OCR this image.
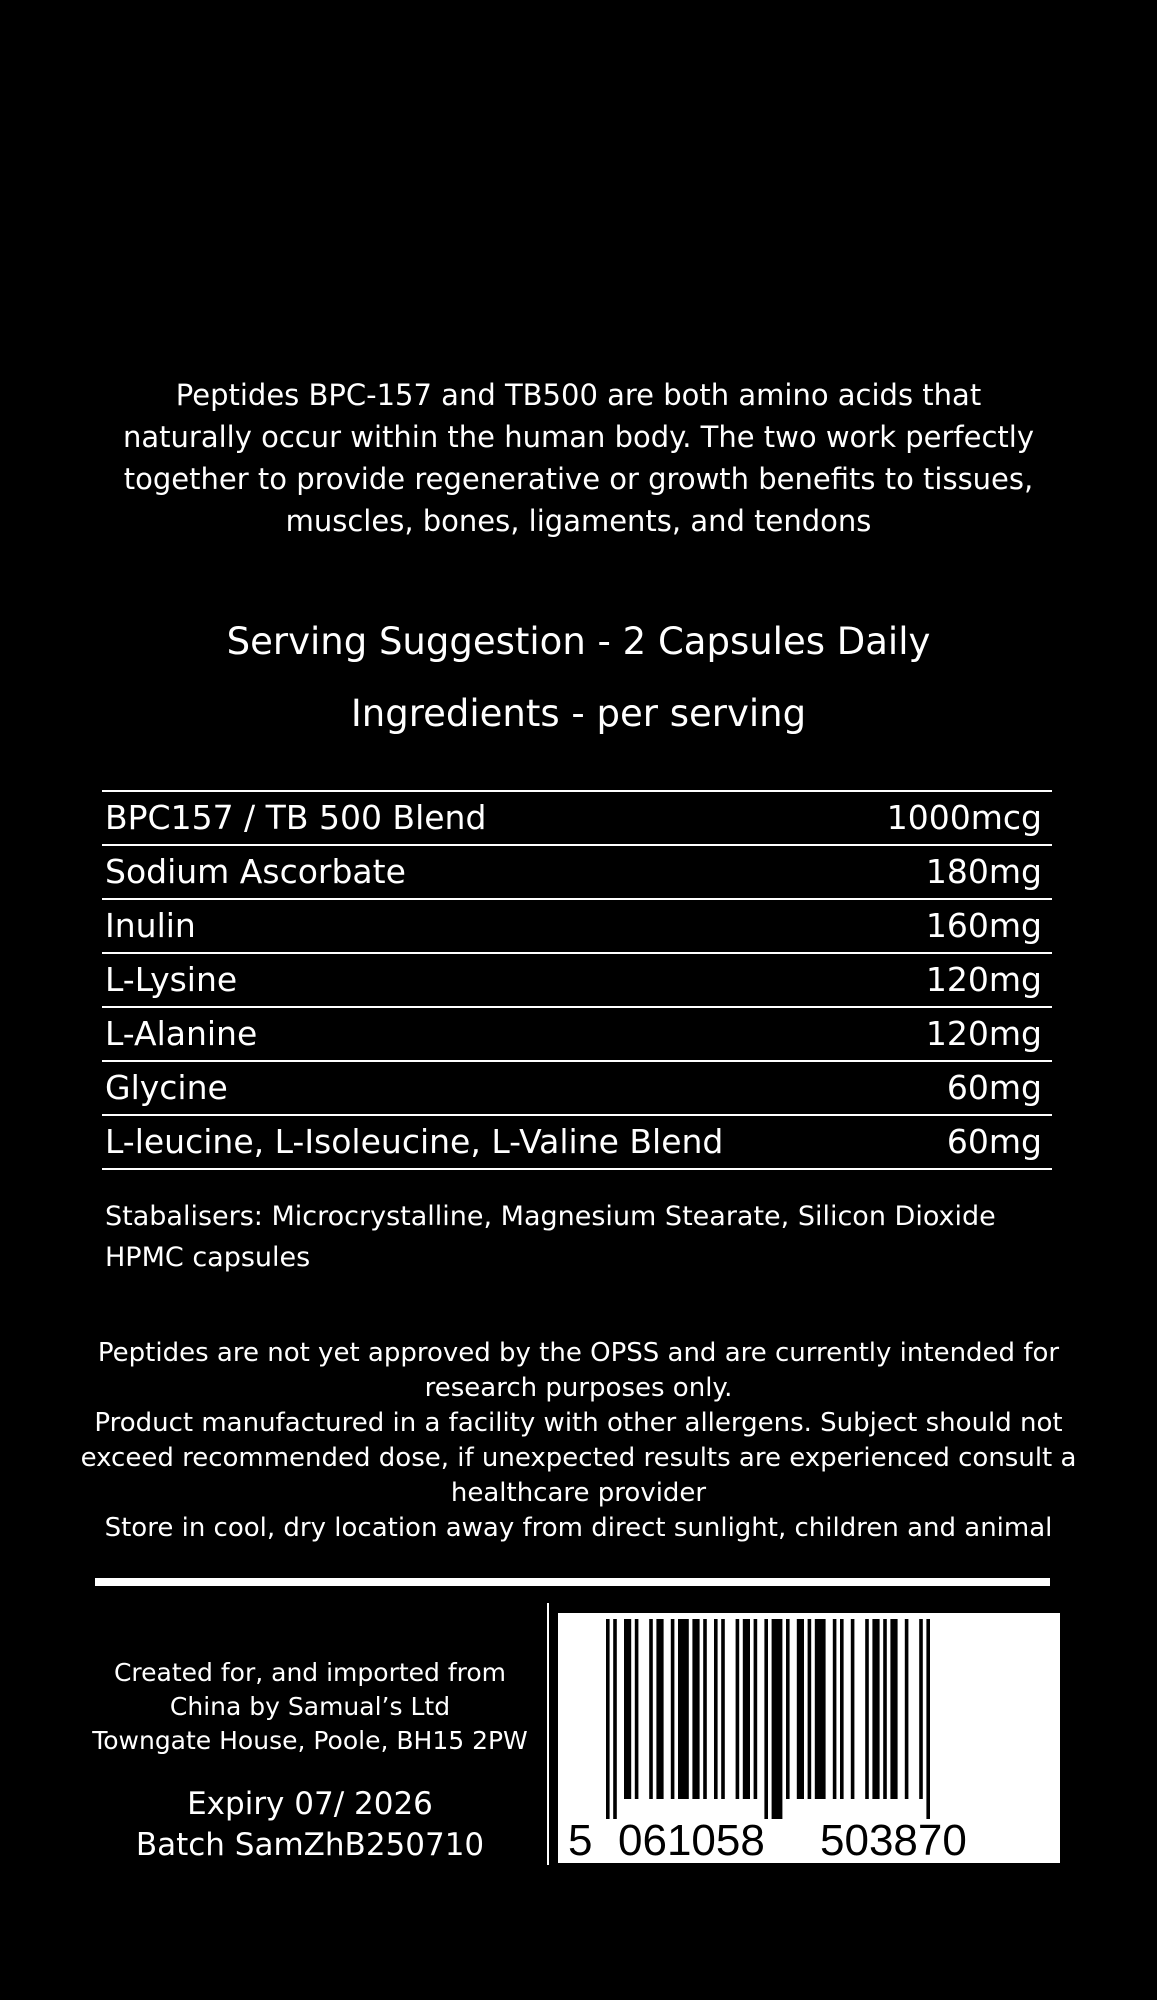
Peptides BPC-157 and TB500 are both amino acids that
naturally occur within the human body. The two work perfectly
together to provide regenerative or growth benefits to tissues,
muscles, bones, ligaments, and tendons
Serving Suggestion - 2 Capsules Daily
Ingredients - per serving
BPC157 / TB 500 Blend	1000mcg
Sodium Ascorbate	180mg
Inulin	160mg
L-Lysine	120mg
L-Alanine	120mg
Glycine	60mg
L-leucine, L-Isoleucine, L-Valine Blend	60mg
Stabalisers: Microcrystalline, Magnesium Stearate, Silicon Dioxide
HPMC capsules

Peptides are not yet approved by the OPSS and are currently intended for

research purposes only.

Product manufactured in a facility with other allergens. Subject should not

exceed recommended dose, if unexpected results are experienced consult a

healthcare provider

Store in cool, dry location away from direct sunlight, children and animal

Created for, and imported from

China by Samual’s Ltd

Towngate House, Poole, BH15 2PW

Expiry 07/ 2026

Batch SamZhB250710	5 061058 503870
